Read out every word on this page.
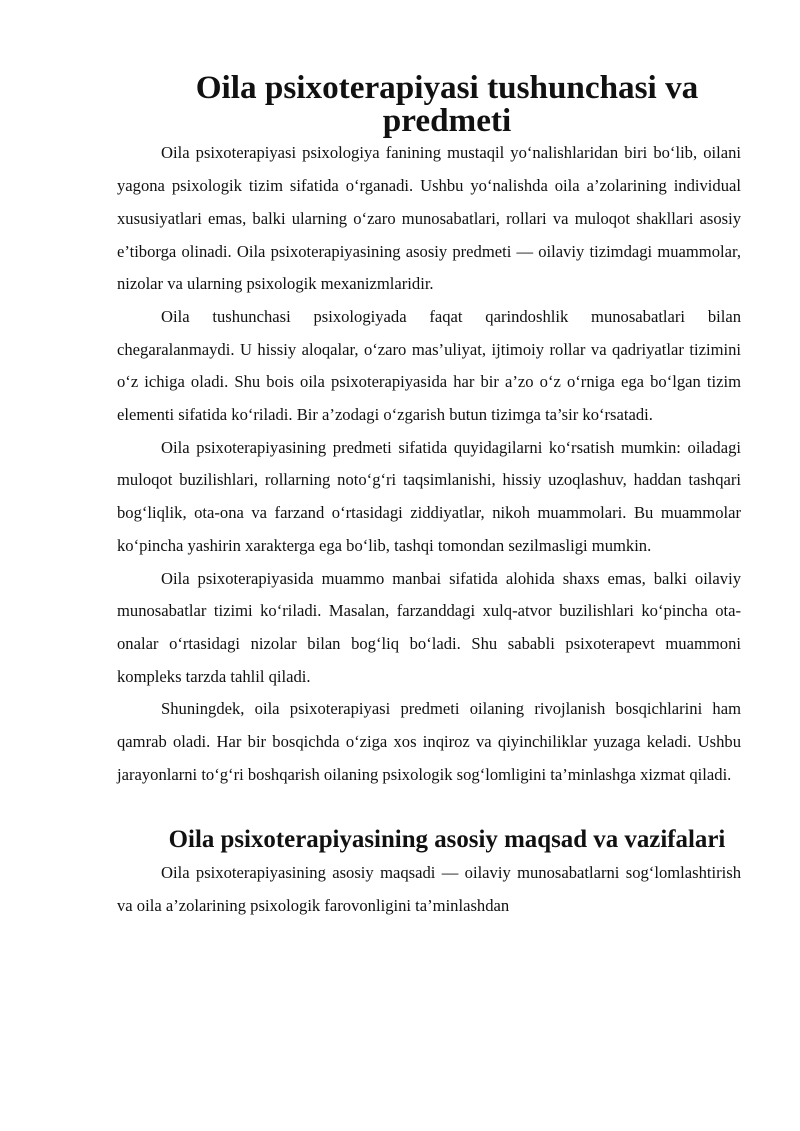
Oila psixoterapiyasi tushunchasi va predmeti

Oila psixoterapiyasi psixologiya fanining mustaqil yo‘nalishlaridan biri bo‘lib, oilani yagona psixologik tizim sifatida o‘rganadi. Ushbu yo‘nalishda oila a’zolarining individual xususiyatlari emas, balki ularning o‘zaro munosabatlari, rollari va muloqot shakllari asosiy e’tiborga olinadi. Oila psixoterapiyasining asosiy predmeti — oilaviy tizimdagi muammolar, nizolar va ularning psixologik mexanizmlaridir.

Oila tushunchasi psixologiyada faqat qarindoshlik munosabatlari bilan chegaralanmaydi. U hissiy aloqalar, o‘zaro mas’uliyat, ijtimoiy rollar va qadriyatlar tizimini o‘z ichiga oladi. Shu bois oila psixoterapiyasida har bir a’zo o‘z o‘rniga ega bo‘lgan tizim elementi sifatida ko‘riladi. Bir a’zodagi o‘zgarish butun tizimga ta’sir ko‘rsatadi.

Oila psixoterapiyasining predmeti sifatida quyidagilarni ko‘rsatish mumkin: oiladagi muloqot buzilishlari, rollarning noto‘g‘ri taqsimlanishi, hissiy uzoqlashuv, haddan tashqari bog‘liqlik, ota-ona va farzand o‘rtasidagi ziddiyatlar, nikoh muammolari. Bu muammolar ko‘pincha yashirin xarakterga ega bo‘lib, tashqi tomondan sezilmasligi mumkin.

Oila psixoterapiyasida muammo manbai sifatida alohida shaxs emas, balki oilaviy munosabatlar tizimi ko‘riladi. Masalan, farzanddagi xulq-atvor buzilishlari ko‘pincha ota-onalar o‘rtasidagi nizolar bilan bog‘liq bo‘ladi. Shu sababli psixoterapevt muammoni kompleks tarzda tahlil qiladi.

Shuningdek, oila psixoterapiyasi predmeti oilaning rivojlanish bosqichlarini ham qamrab oladi. Har bir bosqichda o‘ziga xos inqiroz va qiyinchiliklar yuzaga keladi. Ushbu jarayonlarni to‘g‘ri boshqarish oilaning psixologik sog‘lomligini ta’minlashga xizmat qiladi.

Oila psixoterapiyasining asosiy maqsad va vazifalari

Oila psixoterapiyasining asosiy maqsadi — oilaviy munosabatlarni sog‘lomlashtirish va oila a’zolarining psixologik farovonligini ta’minlashdan
